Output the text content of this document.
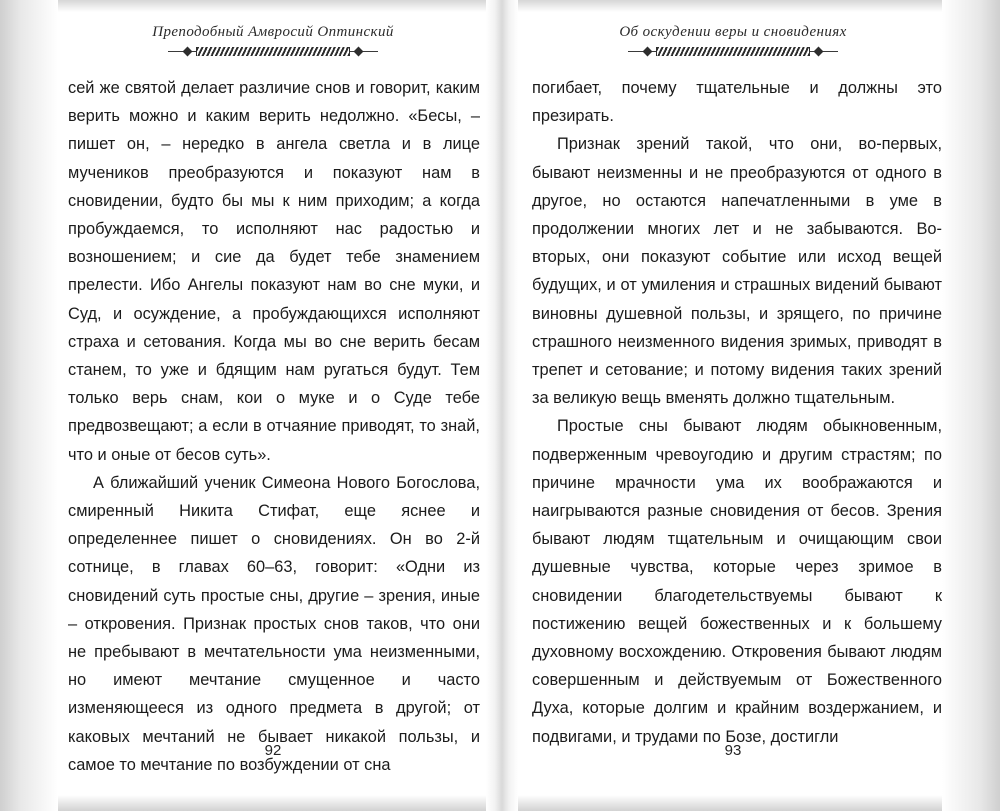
Преподобный Амвросий Оптинский

сей же святой делает различие снов и говорит, каким верить можно и каким верить недолжно. «Бесы, – пишет он, – нередко в ангела светла и в лице мучеников преобразуются и показуют нам в сновидении, будто бы мы к ним приходим; а когда пробуждаемся, то исполняют нас радостью и возношением; и сие да будет тебе знамением прелести. Ибо Ангелы показуют нам во сне муки, и Суд, и осуждение, а пробуждающихся исполняют страха и сетования. Когда мы во сне верить бесам станем, то уже и бдящим нам ругаться будут. Тем только верь снам, кои о муке и о Суде тебе предвозвещают; а если в отчаяние приводят, то знай, что и оные от бесов суть».

А ближайший ученик Симеона Нового Богослова, смиренный Никита Стифат, еще яснее и определеннее пишет о сновидениях. Он во 2-й сотнице, в главах 60–63, говорит: «Одни из сновидений суть простые сны, другие – зрения, иные – откровения. Признак простых снов таков, что они не пребывают в мечтательности ума неизменными, но имеют мечтание смущенное и часто изменяющееся из одного предмета в другой; от каковых мечтаний не бывает никакой пользы, и самое то мечтание по возбуждении от сна

92
Об оскудении веры и сновидениях

погибает, почему тщательные и должны это презирать.

Признак зрений такой, что они, во-первых, бывают неизменны и не преобразуются от одного в другое, но остаются напечатленными в уме в продолжении многих лет и не забываются. Во-вторых, они показуют событие или исход вещей будущих, и от умиления и страшных видений бывают виновны душевной пользы, и зрящего, по причине страшного неизменного видения зримых, приводят в трепет и сетование; и потому видения таких зрений за великую вещь вменять должно тщательным.

Простые сны бывают людям обыкновенным, подверженным чревоугодию и другим страстям; по причине мрачности ума их воображаются и наигрываются разные сновидения от бесов. Зрения бывают людям тщательным и очищающим свои душевные чувства, которые через зримое в сновидении благодетельствуемы бывают к постижению вещей божественных и к большему духовному восхождению. Откровения бывают людям совершенным и действуемым от Божественного Духа, которые долгим и крайним воздержанием, и подвигами, и трудами по Бозе, достигли

93
